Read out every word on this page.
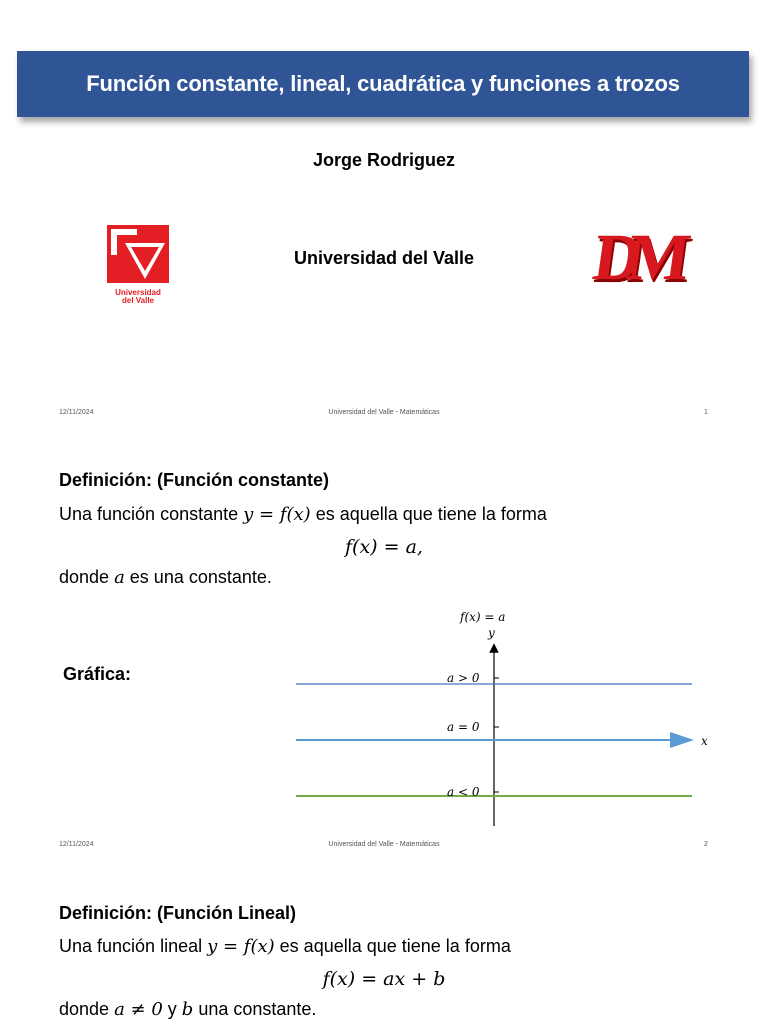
Función constante, lineal, cuadrática y funciones a trozos
Jorge Rodriguez
Universidad
del Valle
Universidad del Valle	DM
12/11/2024	Universidad del Valle - Matemáticas	1
Definición: (Función constante)
Una función constante y = f(x) es aquella que tiene la forma
f(x) = a,
donde a es una constante.
Gráfica:
f(x) = a
y
a > 0
a = 0
a < 0
x
12/11/2024	Universidad del Valle - Matemáticas	2
Definición: (Función Lineal)
Una función lineal y = f(x) es aquella que tiene la forma
f(x) = ax + b
donde a ≠ 0 y b una constante.
